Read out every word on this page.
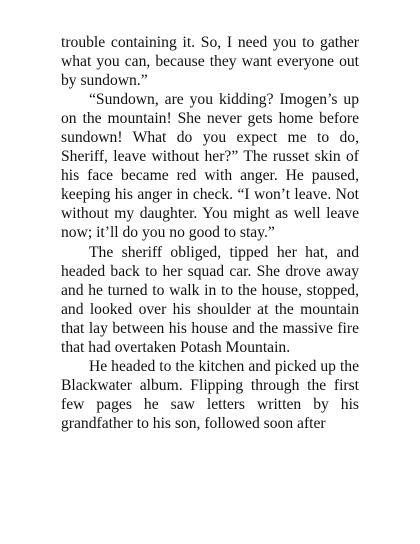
trouble containing it. So, I need you to gather what you can, because they want everyone out by sundown.”

“Sundown, are you kidding? Imogen’s up on the mountain! She never gets home before sundown! What do you expect me to do, Sheriff, leave without her?” The russet skin of his face became red with anger. He paused, keeping his anger in check. “I won’t leave. Not without my daughter. You might as well leave now; it’ll do you no good to stay.”

The sheriff obliged, tipped her hat, and headed back to her squad car. She drove away and he turned to walk in to the house, stopped, and looked over his shoulder at the mountain that lay between his house and the massive fire that had overtaken Potash Mountain.

He headed to the kitchen and picked up the Blackwater album. Flipping through the first few pages he saw letters written by his grandfather to his son, followed soon after
